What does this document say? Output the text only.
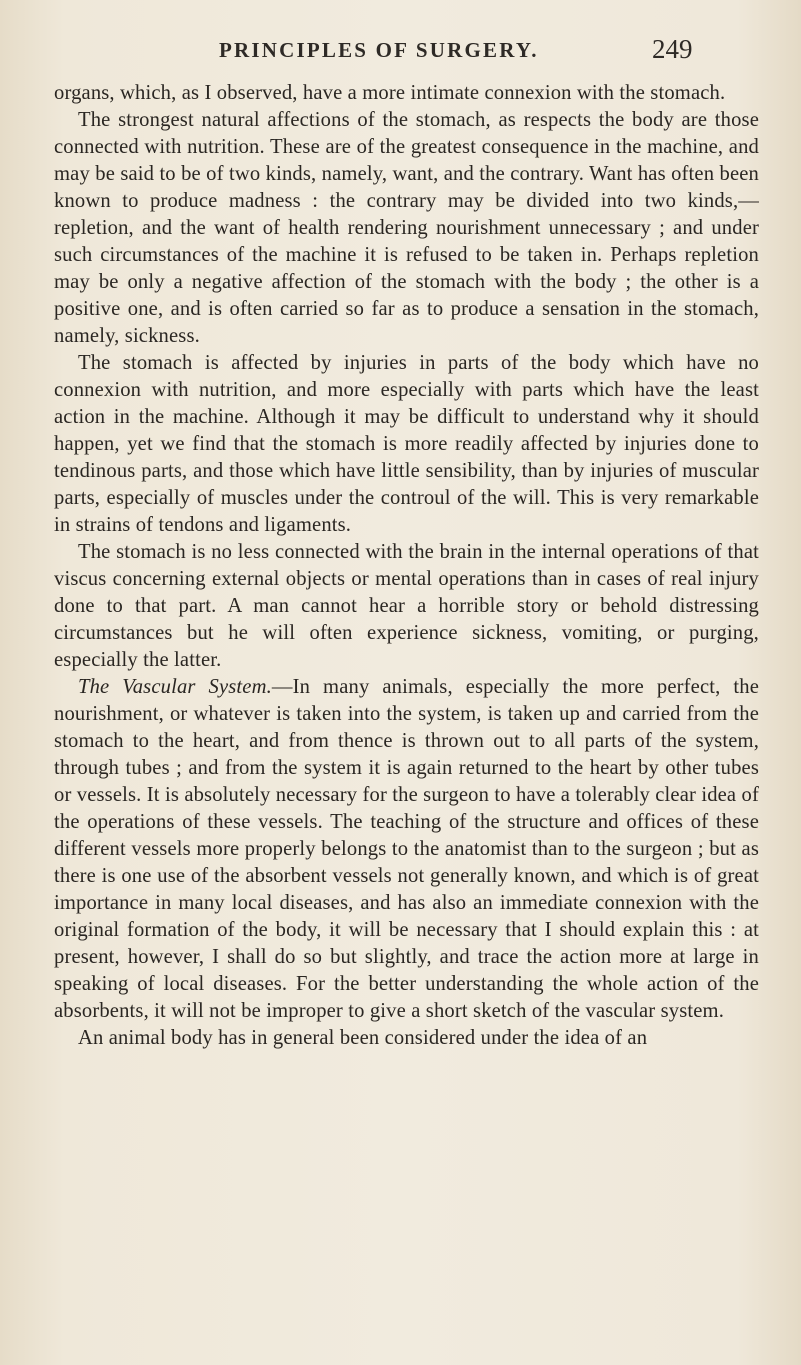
PRINCIPLES OF SURGERY.	249

organs, which, as I observed, have a more intimate connexion with the stomach.

The strongest natural affections of the stomach, as respects the body are those connected with nutrition. These are of the greatest consequence in the machine, and may be said to be of two kinds, namely, want, and the contrary. Want has often been known to produce madness : the contrary may be divided into two kinds,—repletion, and the want of health rendering nourishment unnecessary ; and under such circumstances of the machine it is refused to be taken in. Perhaps repletion may be only a negative affection of the stomach with the body ; the other is a positive one, and is often carried so far as to produce a sensation in the stomach, namely, sickness.

The stomach is affected by injuries in parts of the body which have no connexion with nutrition, and more especially with parts which have the least action in the machine. Although it may be difficult to understand why it should happen, yet we find that the stomach is more readily affected by injuries done to tendinous parts, and those which have little sensibility, than by injuries of muscular parts, especially of muscles under the controul of the will. This is very remarkable in strains of tendons and ligaments.

The stomach is no less connected with the brain in the internal operations of that viscus concerning external objects or mental operations than in cases of real injury done to that part. A man cannot hear a horrible story or behold distressing circumstances but he will often experience sickness, vomiting, or purging, especially the latter.

The Vascular System.—In many animals, especially the more perfect, the nourishment, or whatever is taken into the system, is taken up and carried from the stomach to the heart, and from thence is thrown out to all parts of the system, through tubes ; and from the system it is again returned to the heart by other tubes or vessels. It is absolutely necessary for the surgeon to have a tolerably clear idea of the operations of these vessels. The teaching of the structure and offices of these different vessels more properly belongs to the anatomist than to the surgeon ; but as there is one use of the absorbent vessels not generally known, and which is of great importance in many local diseases, and has also an immediate connexion with the original formation of the body, it will be necessary that I should explain this : at present, however, I shall do so but slightly, and trace the action more at large in speaking of local diseases. For the better understanding the whole action of the absorbents, it will not be improper to give a short sketch of the vascular system.

An animal body has in general been considered under the idea of an
